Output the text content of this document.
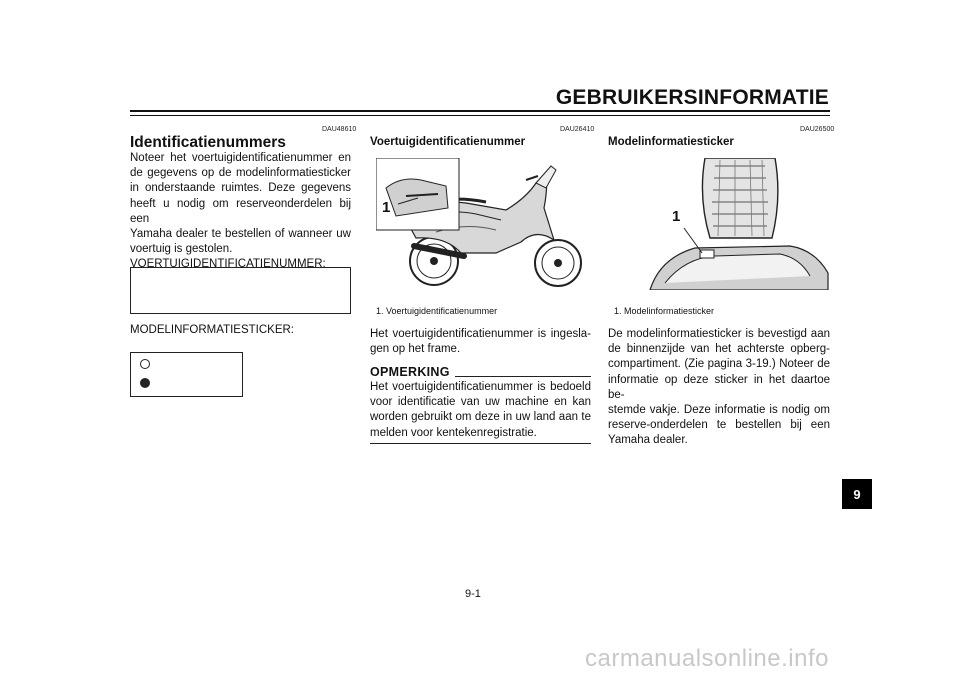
GEBRUIKERSINFORMATIE
DAU48610
Identificatienummers
Noteer het voertuigidentificatienummer en
de gegevens op de modelinformatiesticker
in onderstaande ruimtes. Deze gegevens
heeft u nodig om reserveonderdelen bij een
Yamaha dealer te bestellen of wanneer uw
voertuig is gestolen.
VOERTUIGIDENTIFICATIENUMMER:
MODELINFORMATIESTICKER:
DAU26410
Voertuigidentificatienummer
1
1. Voertuigidentificatienummer
Het voertuigidentificatienummer is ingesla-
gen op het frame.
OPMERKING
Het voertuigidentificatienummer is bedoeld
voor identificatie van uw machine en kan
worden gebruikt om deze in uw land aan te
melden voor kentekenregistratie.
DAU26500
Modelinformatiesticker
1
1. Modelinformatiesticker
De modelinformatiesticker is bevestigd aan
de binnenzijde van het achterste opberg-
compartiment. (Zie pagina 3-19.) Noteer de
informatie op deze sticker in het daartoe be-
stemde vakje. Deze informatie is nodig om
reserve-onderdelen te bestellen bij een
Yamaha dealer.
9
9-1
carmanualsonline.info
